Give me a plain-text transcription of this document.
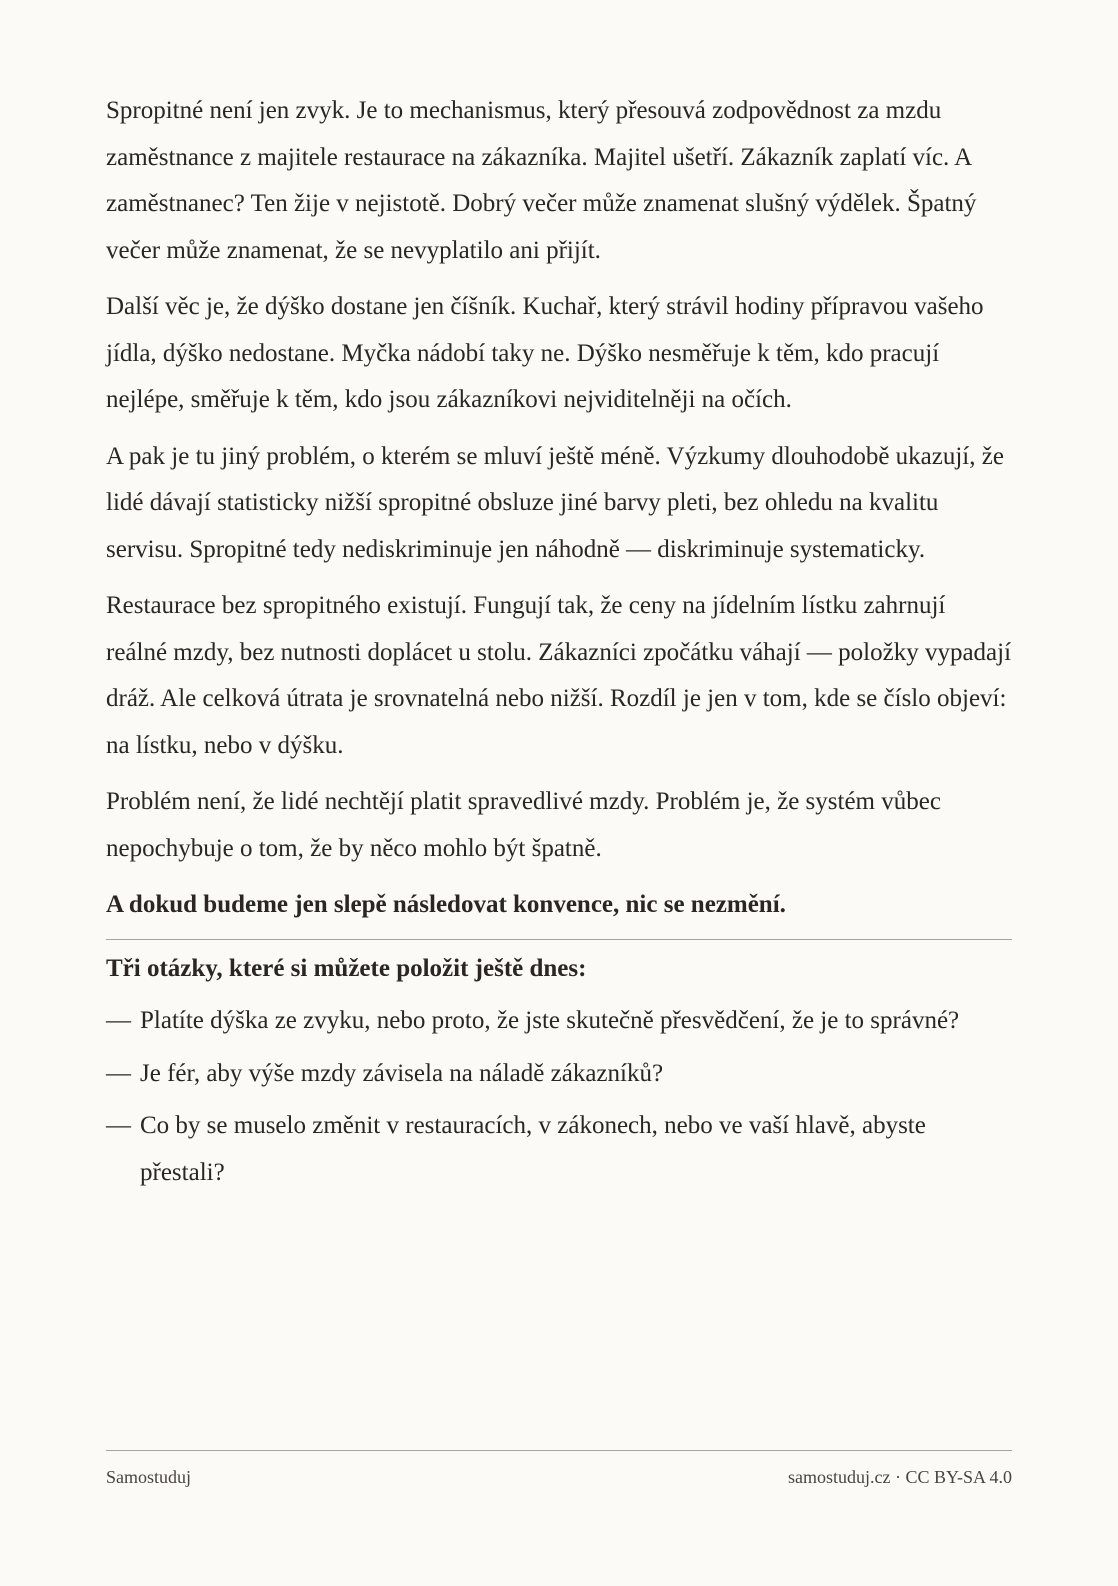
Spropitné není jen zvyk. Je to mechanismus, který přesouvá zodpovědnost za mzdu zaměstnance z majitele restaurace na zákazníka. Majitel ušetří. Zákazník zaplatí víc. A zaměstnanec? Ten žije v nejistotě. Dobrý večer může znamenat slušný výdělek. Špatný večer může znamenat, že se nevyplatilo ani přijít.

Další věc je, že dýško dostane jen číšník. Kuchař, který strávil hodiny přípravou vašeho jídla, dýško nedostane. Myčka nádobí taky ne. Dýško nesměřuje k těm, kdo pracují nejlépe, směřuje k těm, kdo jsou zákazníkovi nejviditelněji na očích.

A pak je tu jiný problém, o kterém se mluví ještě méně. Výzkumy dlouhodobě ukazují, že lidé dávají statisticky nižší spropitné obsluze jiné barvy pleti, bez ohledu na kvalitu servisu. Spropitné tedy nediskriminuje jen náhodně — diskriminuje systematicky.

Restaurace bez spropitného existují. Fungují tak, že ceny na jídelním lístku zahrnují reálné mzdy, bez nutnosti doplácet u stolu. Zákazníci zpočátku váhají — položky vypadají dráž. Ale celková útrata je srovnatelná nebo nižší. Rozdíl je jen v tom, kde se číslo objeví: na lístku, nebo v dýšku.

Problém není, že lidé nechtějí platit spravedlivé mzdy. Problém je, že systém vůbec nepochybuje o tom, že by něco mohlo být špatně.

A dokud budeme jen slepě následovat konvence, nic se nezmění.

Tři otázky, které si můžete položit ještě dnes:

— Platíte dýška ze zvyku, nebo proto, že jste skutečně přesvědčení, že je to správné?
— Je fér, aby výše mzdy závisela na náladě zákazníků?
— Co by se muselo změnit v restauracích, v zákonech, nebo ve vaší hlavě, abyste přestali?
Samostuduj	samostuduj.cz · CC BY-SA 4.0
